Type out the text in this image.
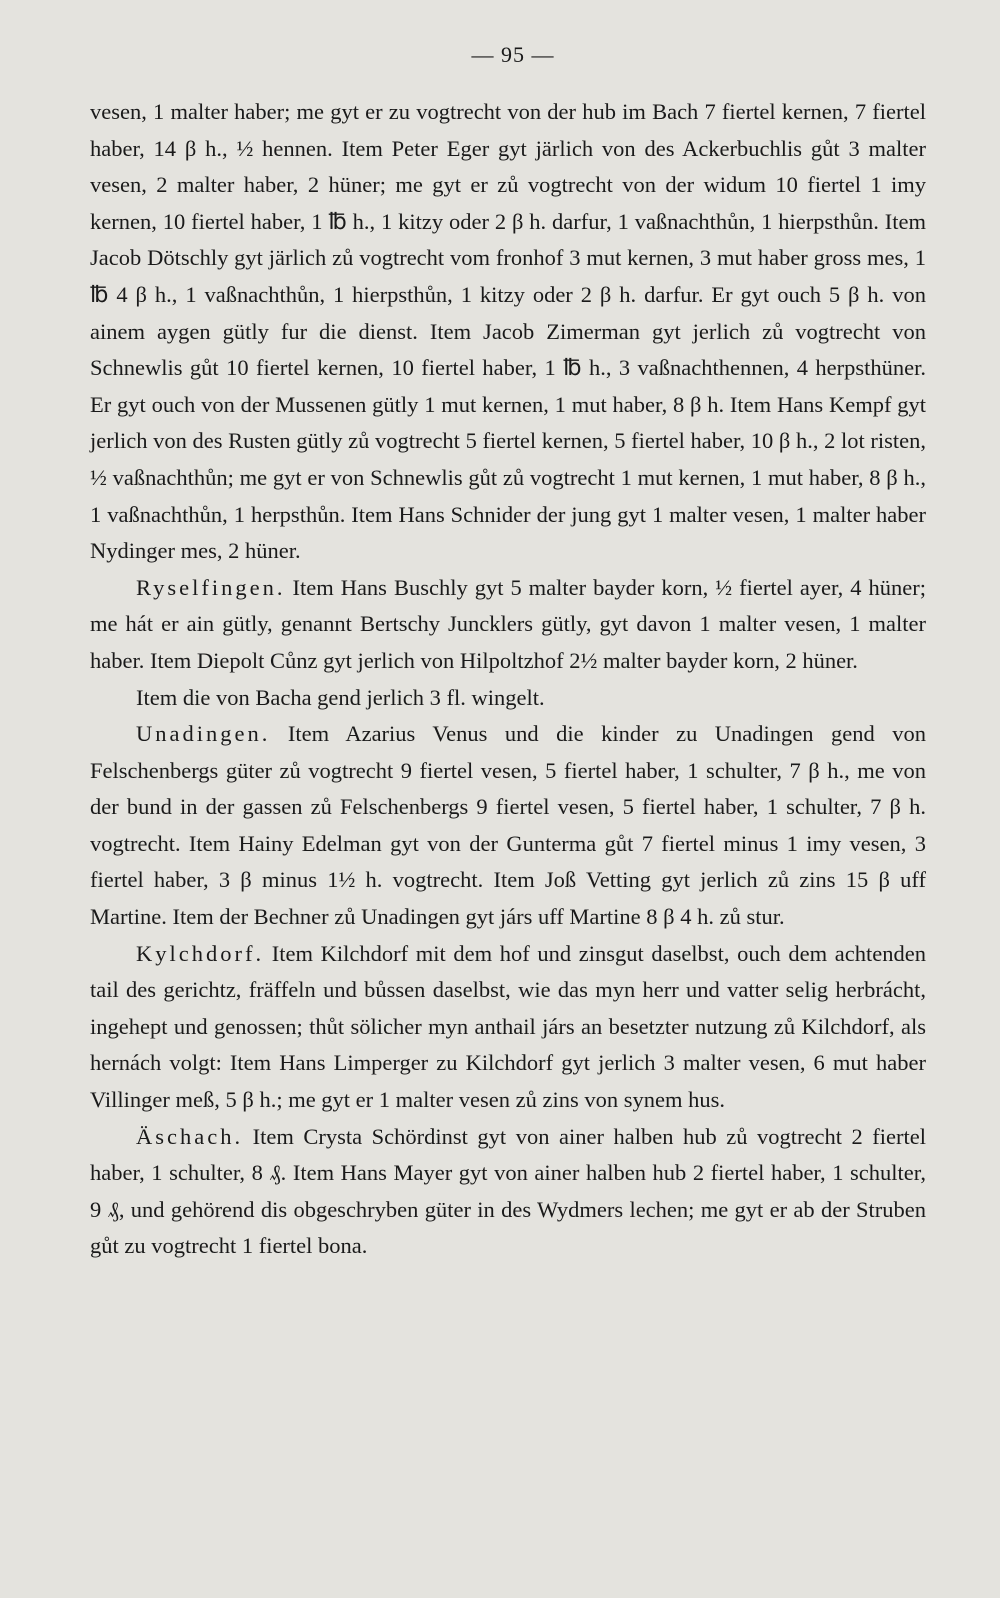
— 95 —

vesen, 1 malter haber; me gyt er zu vogtrecht von der hub im Bach 7 fiertel kernen, 7 fiertel haber, 14 β h., ½ hennen. Item Peter Eger gyt järlich von des Ackerbuchlis gůt 3 malter vesen, 2 malter haber, 2 hüner; me gyt er zů vogtrecht von der widum 10 fiertel 1 imy kernen, 10 fiertel haber, 1 ℔ h., 1 kitzy oder 2 β h. darfur, 1 vaßnachthůn, 1 hierpsthůn. Item Jacob Dötschly gyt järlich zů vogtrecht vom fronhof 3 mut kernen, 3 mut haber gross mes, 1 ℔ 4 β h., 1 vaßnachthůn, 1 hierpsthůn, 1 kitzy oder 2 β h. darfur. Er gyt ouch 5 β h. von ainem aygen gütly fur die dienst. Item Jacob Zimerman gyt jerlich zů vogtrecht von Schnewlis gůt 10 fiertel kernen, 10 fiertel haber, 1 ℔ h., 3 vaßnachthennen, 4 herpsthüner. Er gyt ouch von der Mussenen gütly 1 mut kernen, 1 mut haber, 8 β h. Item Hans Kempf gyt jerlich von des Rusten gütly zů vogtrecht 5 fiertel kernen, 5 fiertel haber, 10 β h., 2 lot risten, ½ vaßnachthůn; me gyt er von Schnewlis gůt zů vogtrecht 1 mut kernen, 1 mut haber, 8 β h., 1 vaßnachthůn, 1 herpsthůn. Item Hans Schnider der jung gyt 1 malter vesen, 1 malter haber Nydinger mes, 2 hüner.

Ryselfingen. Item Hans Buschly gyt 5 malter bayder korn, ½ fiertel ayer, 4 hüner; me hát er ain gütly, genannt Bertschy Juncklers gütly, gyt davon 1 malter vesen, 1 malter haber. Item Diepolt Cůnz gyt jerlich von Hilpoltzhof 2½ malter bayder korn, 2 hüner.

Item die von Bacha gend jerlich 3 fl. wingelt.

Unadingen. Item Azarius Venus und die kinder zu Unadingen gend von Felschenbergs güter zů vogtrecht 9 fiertel vesen, 5 fiertel haber, 1 schulter, 7 β h., me von der bund in der gassen zů Felschenbergs 9 fiertel vesen, 5 fiertel haber, 1 schulter, 7 β h. vogtrecht. Item Hainy Edelman gyt von der Gunterma gůt 7 fiertel minus 1 imy vesen, 3 fiertel haber, 3 β minus 1½ h. vogtrecht. Item Joß Vetting gyt jerlich zů zins 15 β uff Martine. Item der Bechner zů Unadingen gyt járs uff Martine 8 β 4 h. zů stur.

Kylchdorf. Item Kilchdorf mit dem hof und zinsgut daselbst, ouch dem achtenden tail des gerichtz, fräffeln und bůssen daselbst, wie das myn herr und vatter selig herbrácht, ingehept und genossen; thůt sölicher myn anthail járs an besetzter nutzung zů Kilchdorf, als hernách volgt: Item Hans Limperger zu Kilchdorf gyt jerlich 3 malter vesen, 6 mut haber Villinger meß, 5 β h.; me gyt er 1 malter vesen zů zins von synem hus.

Äschach. Item Crysta Schördinst gyt von ainer halben hub zů vogtrecht 2 fiertel haber, 1 schulter, 8 ₰. Item Hans Mayer gyt von ainer halben hub 2 fiertel haber, 1 schulter, 9 ₰, und gehörend dis obgeschryben güter in des Wydmers lechen; me gyt er ab der Struben gůt zu vogtrecht 1 fiertel bona.
